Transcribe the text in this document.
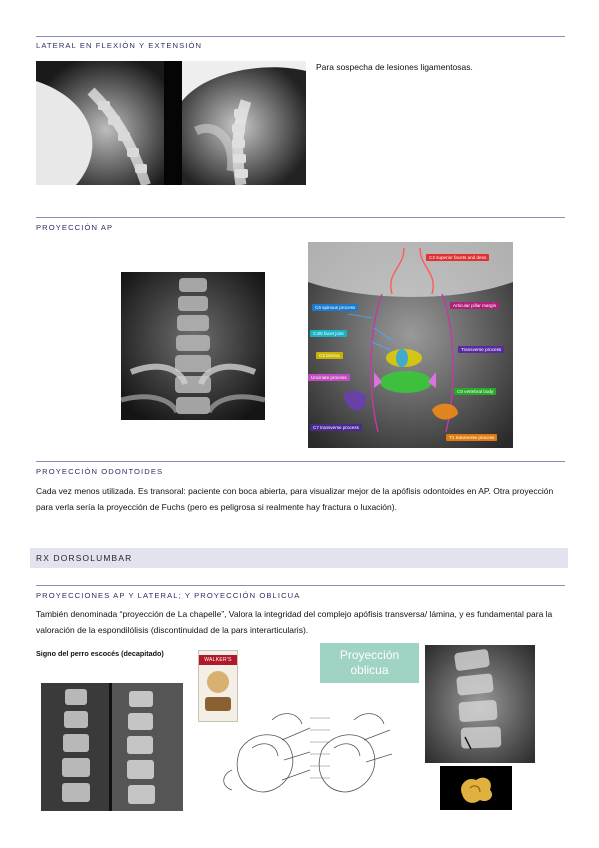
LATERAL EN FLEXIÓN Y EXTENSIÓN
Para sospecha de lesiones ligamentosas.
PROYECCIÓN AP
C2 superior facets and dens
Articular pillar margin
C6 spinous process
C4/5 facet joint
Transverse process
C5 lamina
Uncinate process
C6 vertebral body
C7 transverse process
T1 transverse process
PROYECCIÓN ODONTOIDES
Cada vez menos utilizada. Es transoral: paciente con boca abierta, para visualizar mejor de la apófisis odontoides en AP. Otra proyección para verla sería la proyección de Fuchs (pero es peligrosa si realmente hay fractura o luxación).
RX DORSOLUMBAR
PROYECCIONES AP Y LATERAL; Y PROYECCIÓN OBLICUA
También denominada “proyección de La chapelle”, Valora la integridad del complejo apófisis transversa/ lámina, y es fundamental para la valoración de la espondilólisis (discontinuidad de la pars interarticularis).
Signo del perro escocés (decapitado)
WALKER'S	Proyección oblicua
